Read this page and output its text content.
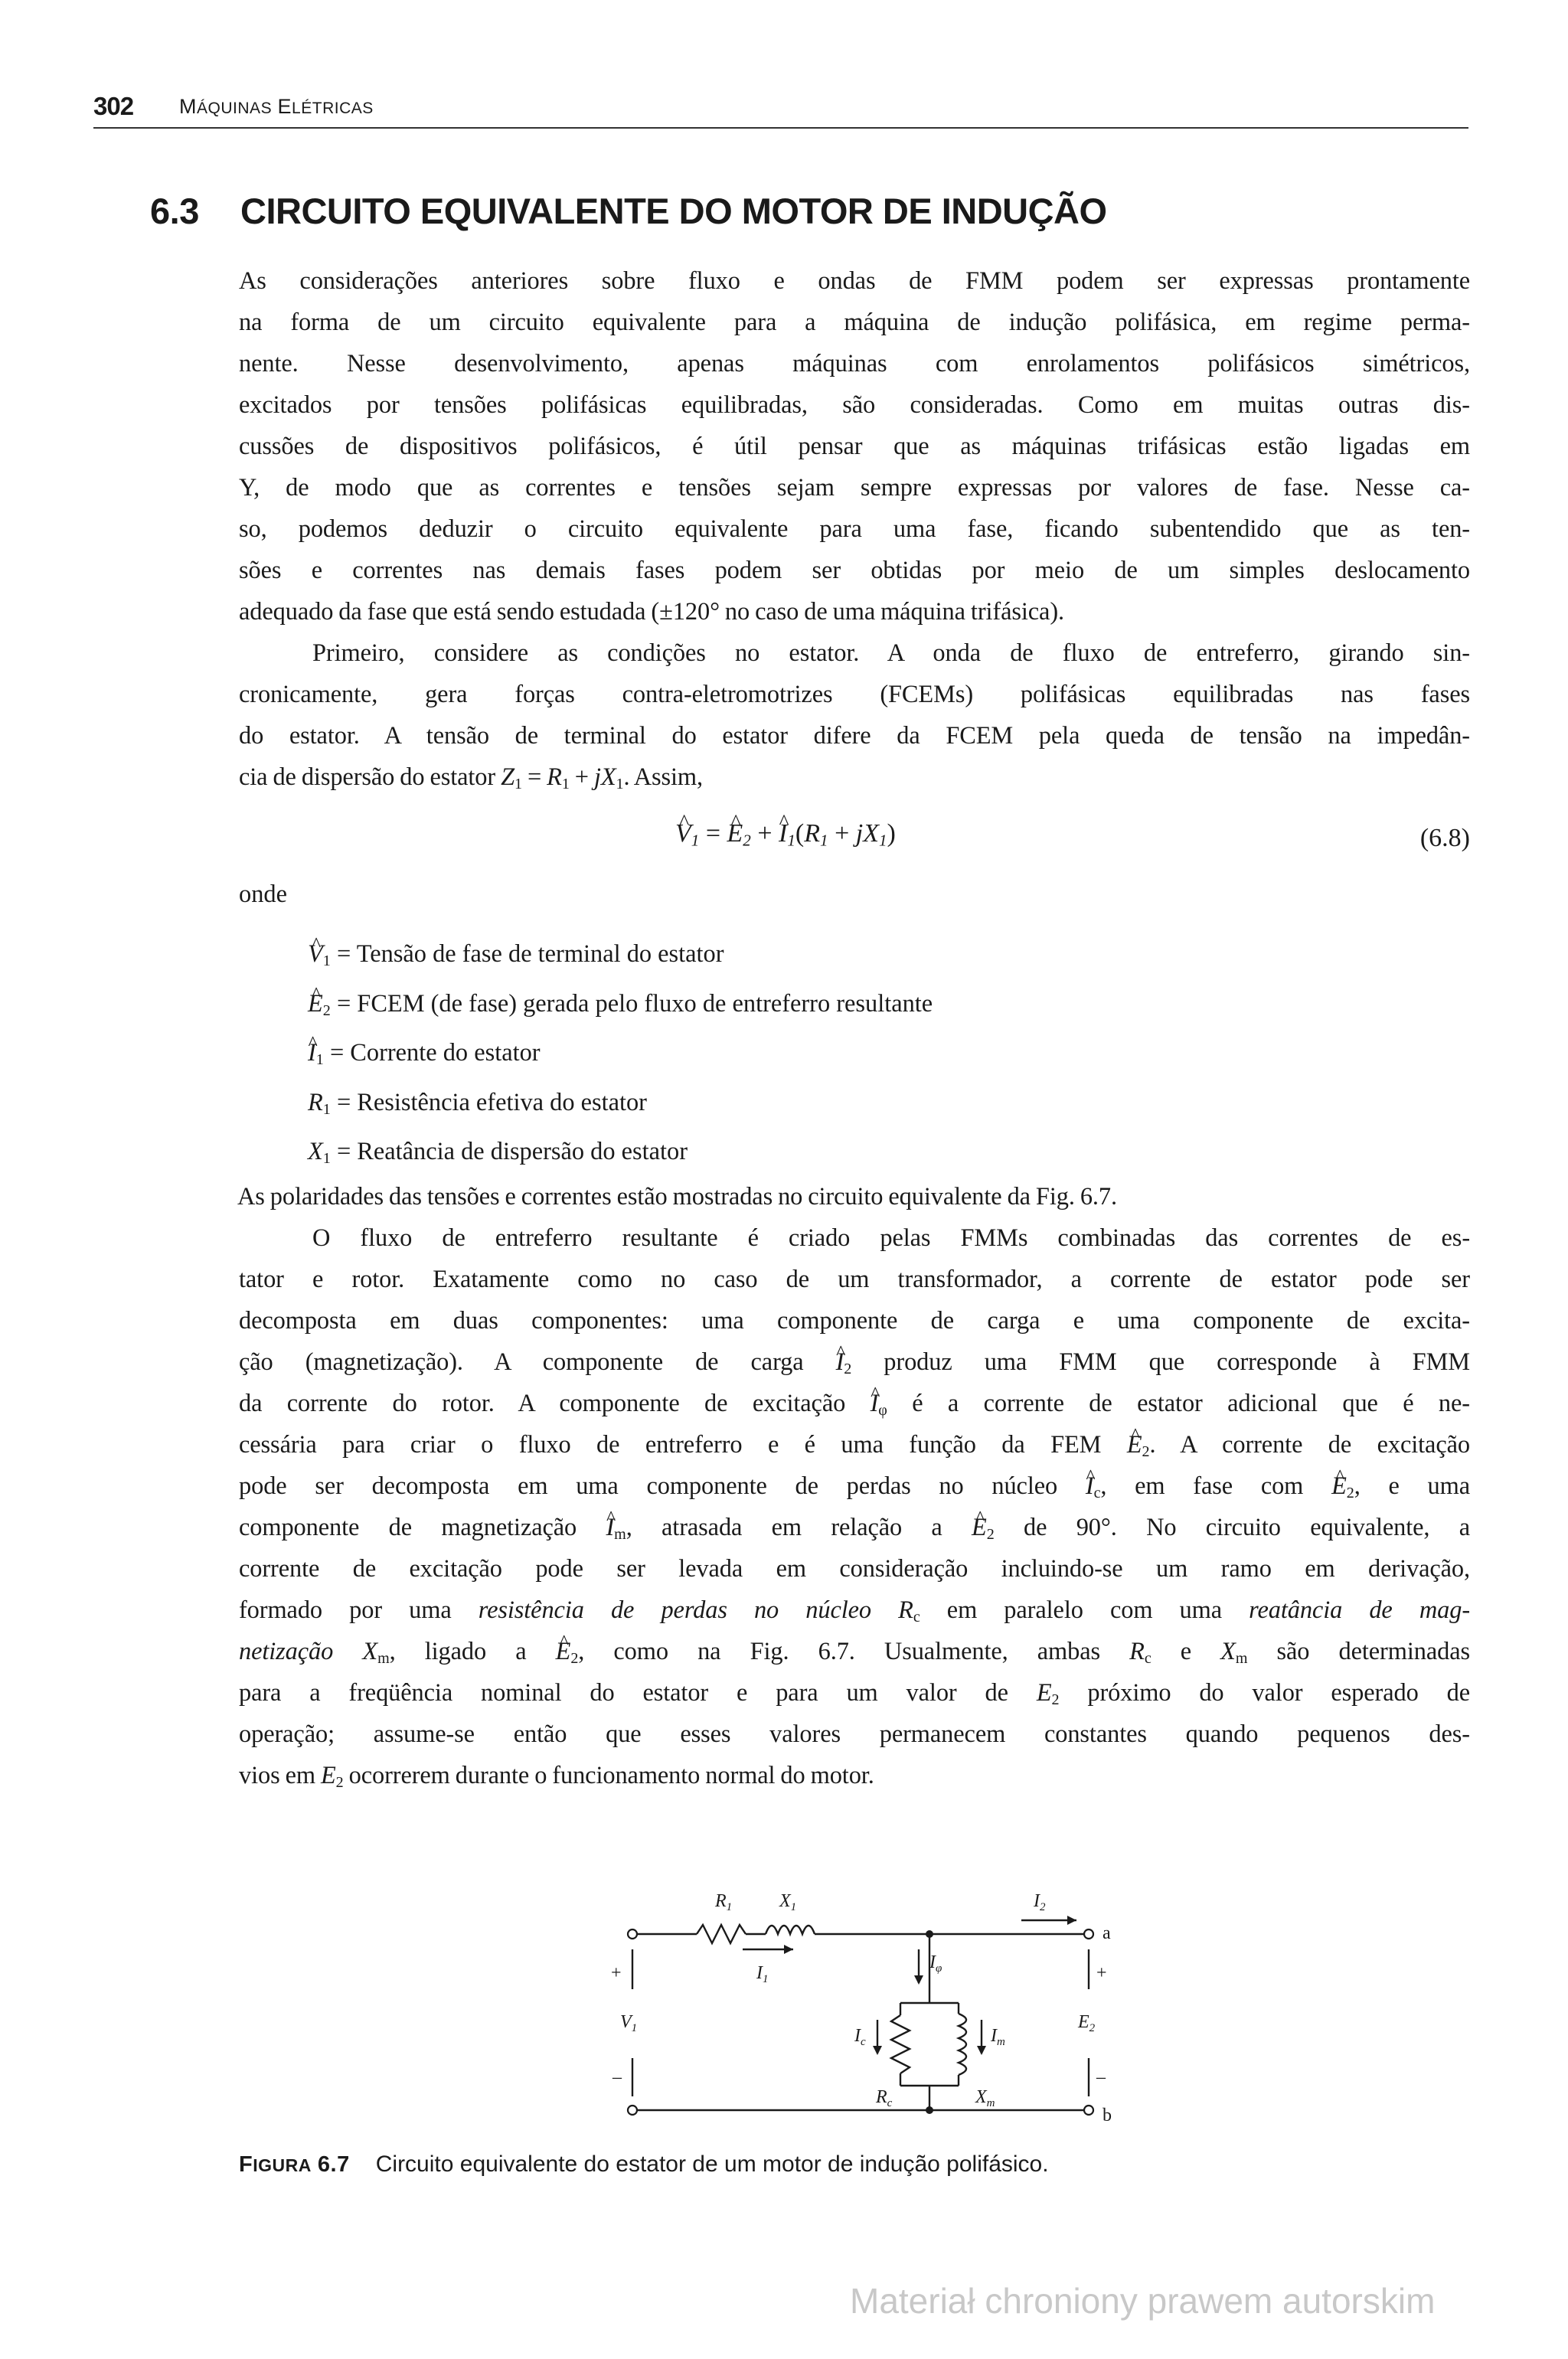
302 MÁQUINAS ELÉTRICAS
6.3 CIRCUITO EQUIVALENTE DO MOTOR DE INDUÇÃO

As considerações anteriores sobre fluxo e ondas de FMM podem ser expressas prontamente
na forma de um circuito equivalente para a máquina de indução polifásica, em regime perma-
nente. Nesse desenvolvimento, apenas máquinas com enrolamentos polifásicos simétricos,
excitados por tensões polifásicas equilibradas, são consideradas. Como em muitas outras dis-
cussões de dispositivos polifásicos, é útil pensar que as máquinas trifásicas estão ligadas em
Y, de modo que as correntes e tensões sejam sempre expressas por valores de fase. Nesse ca-
so, podemos deduzir o circuito equivalente para uma fase, ficando subentendido que as ten-
sões e correntes nas demais fases podem ser obtidas por meio de um simples deslocamento
adequado da fase que está sendo estudada (±120° no caso de uma máquina trifásica).

Primeiro, considere as condições no estator. A onda de fluxo de entreferro, girando sin-
cronicamente, gera forças contra-eletromotrizes (FCEMs) polifásicas equilibradas nas fases
do estator. A tensão de terminal do estator difere da FCEM pela queda de tensão na impedân-
cia de dispersão do estator $Z_1 = R_1 + jX_1$. Assim,

^ $V_1$ = ^ $E_2$ + ^ $I_1(R_1 + jX_1)$	(6.8)
onde
^ $V_1$ = Tensão de fase de terminal do estator
^ $E_2$ = FCEM (de fase) gerada pelo fluxo de entreferro resultante
^ $I_1$ = Corrente do estator
$R_1$ = Resistência efetiva do estator
$X_1$ = Reatância de dispersão do estator

As polaridades das tensões e correntes estão mostradas no circuito equivalente da Fig. 6.7.
O fluxo de entreferro resultante é criado pelas FMMs combinadas das correntes de es-
tator e rotor. Exatamente como no caso de um transformador, a corrente de estator pode ser
decomposta em duas componentes: uma componente de carga e uma componente de excita-
ção (magnetização). A componente de carga ^ $I_2$ produz uma FMM que corresponde à FMM
da corrente do rotor. A componente de excitação ^ $I_\varphi$ é a corrente de estator adicional que é ne-
cessária para criar o fluxo de entreferro e é uma função da FEM ^ $E_2$. A corrente de excitação
pode ser decomposta em uma componente de perdas no núcleo ^ $I_c$, em fase com ^ $E_2$, e uma
componente de magnetização ^ $I_m$, atrasada em relação a ^ $E_2$ de 90°. No circuito equivalente, a
corrente de excitação pode ser levada em consideração incluindo-se um ramo em derivação,
formado por uma resistência de perdas no núcleo $R_c$ em paralelo com uma reatância de mag-
netização $X_m$, ligado a ^ $E_2$, como na Fig. 6.7. Usualmente, ambas $R_c$ e $X_m$ são determinadas
para a freqüência nominal do estator e para um valor de $E_2$ próximo do valor esperado de
operação; assume-se então que esses valores permanecem constantes quando pequenos des-
vios em $E_2$ ocorrerem durante o funcionamento normal do motor.

$R_1$	$X_1$	$I_2$
$I_1$
$I_\varphi$
$I_c$	$I_m$
$V_1$	$E_2$
$R_c$	$X_m$
a
b
+
–
+
–
FIGURA 6.7 Circuito equivalente do estator de um motor de indução polifásico.
Materiał chroniony prawem autorskim
